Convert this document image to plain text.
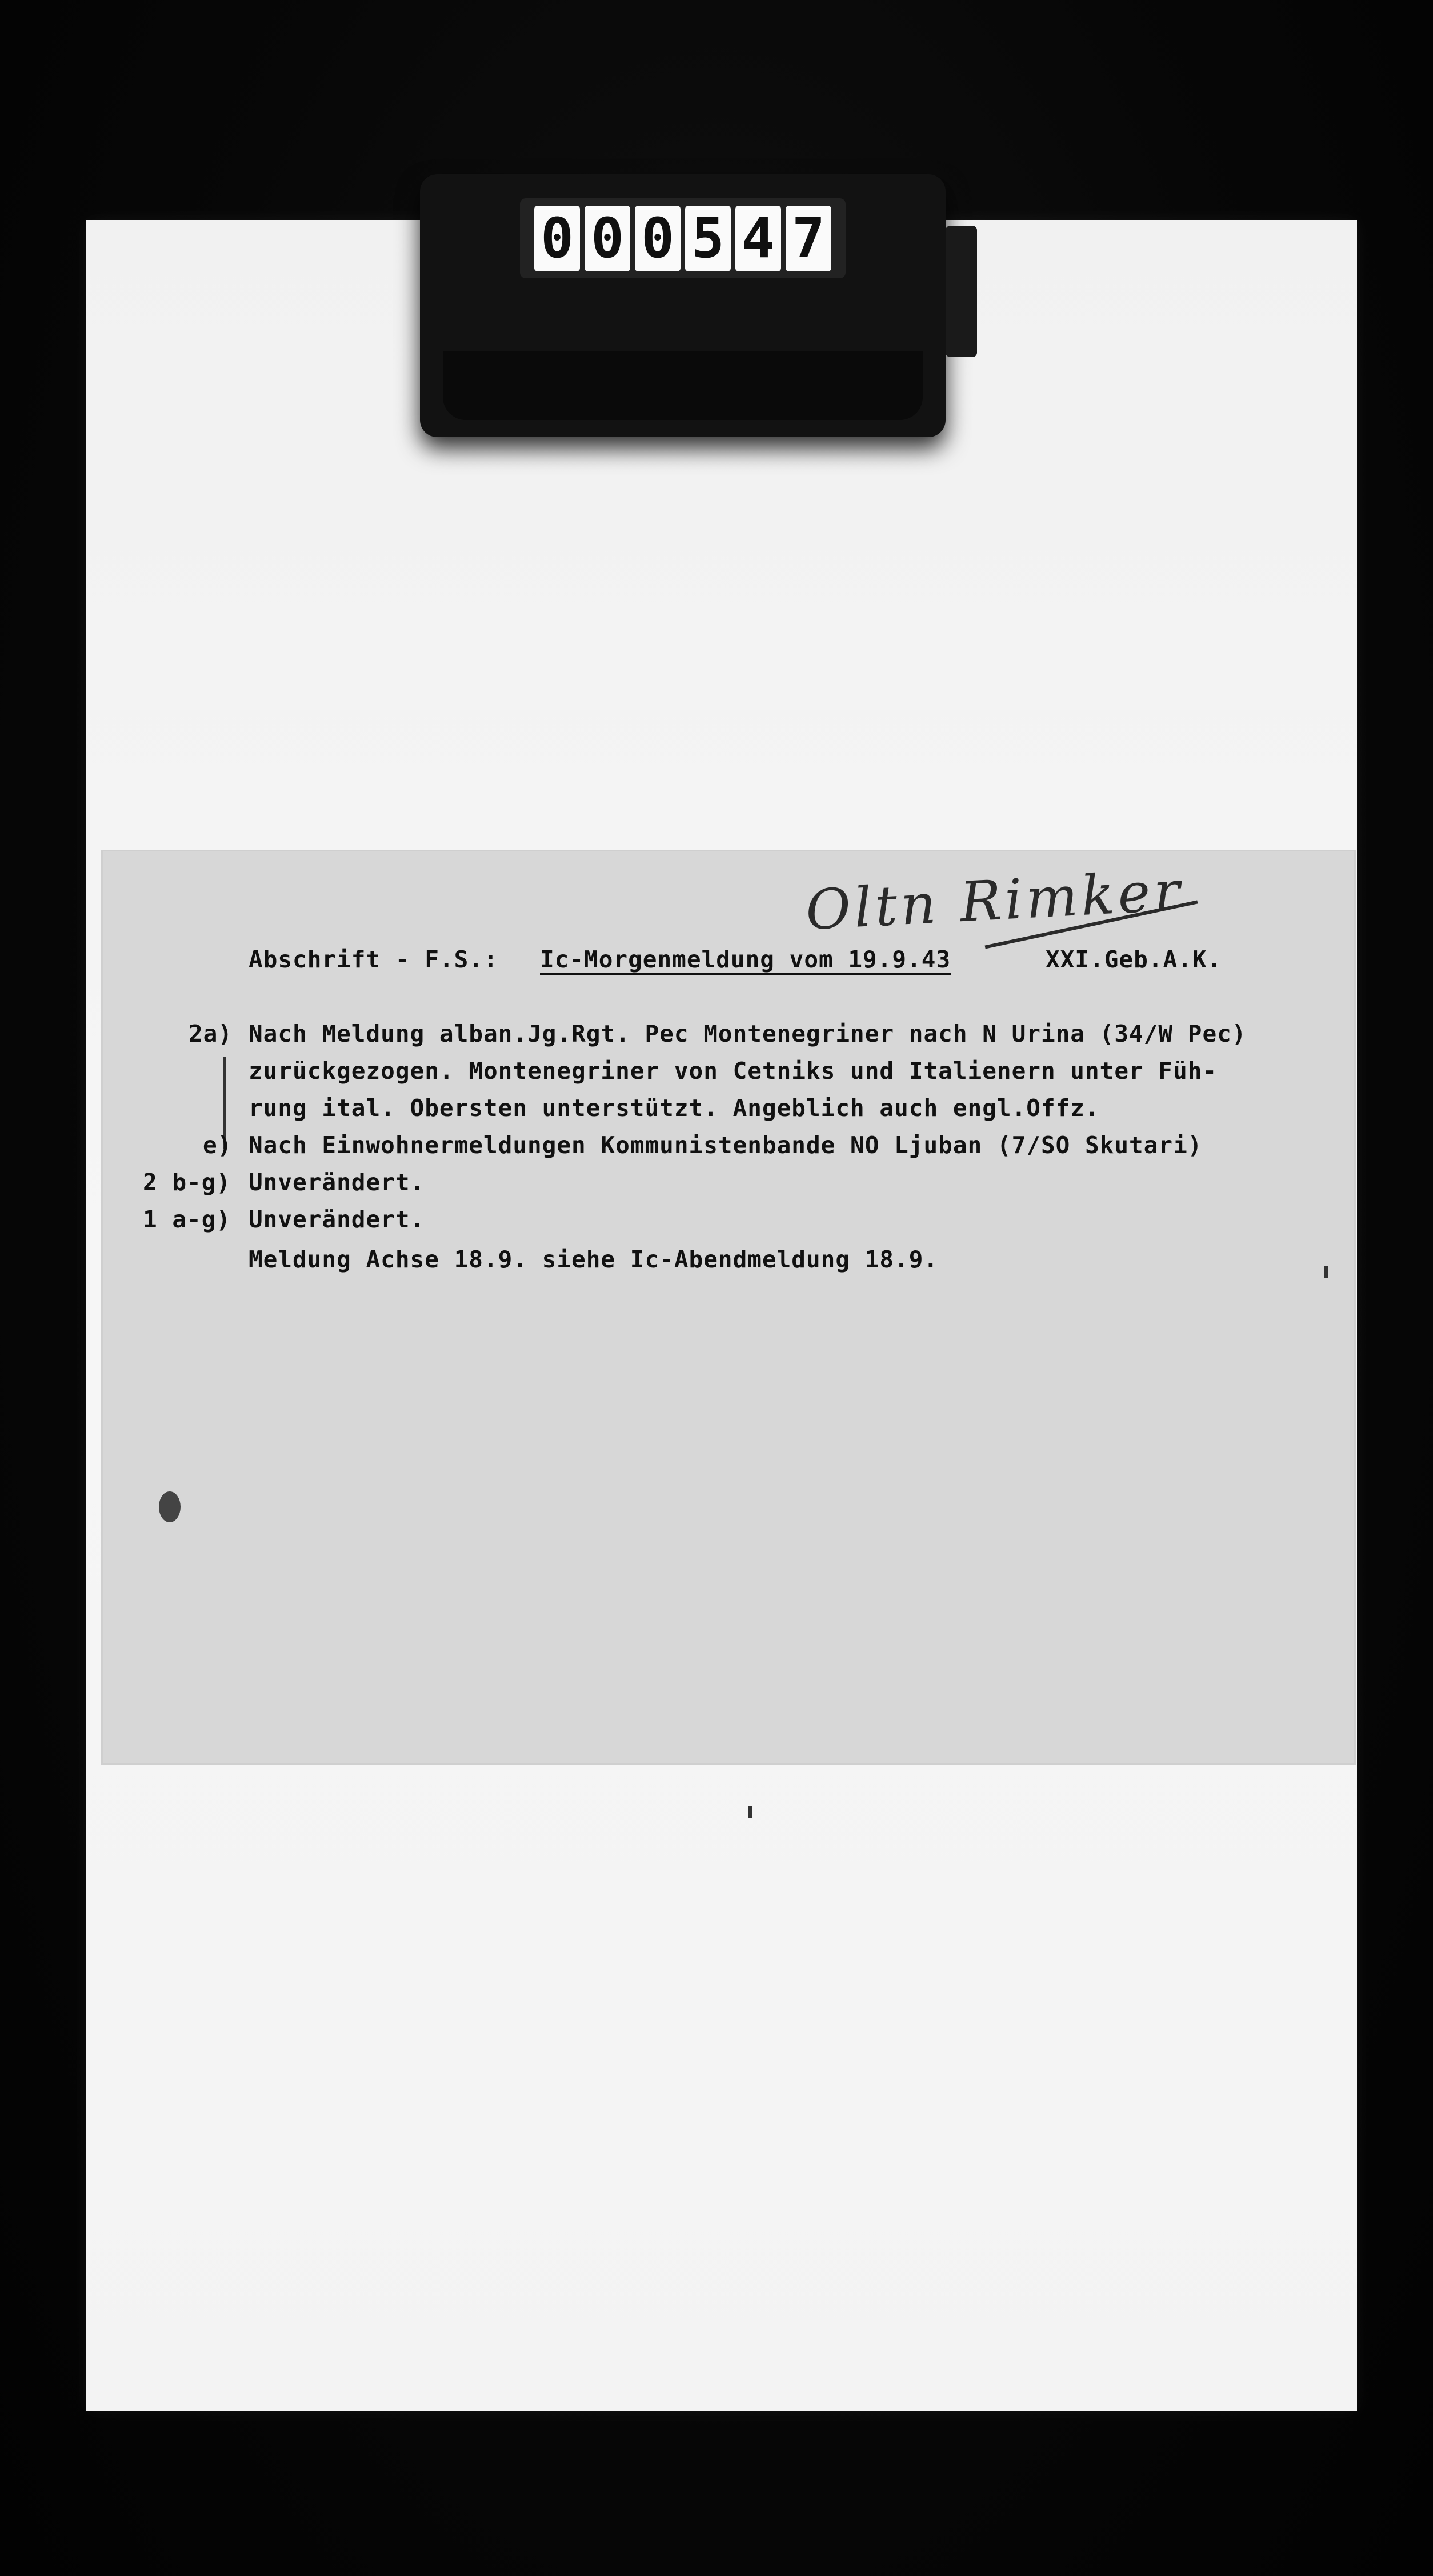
0 0 0 5 4 7
Oltn Rimker
Abschrift - F.S.: Ic-Morgenmeldung vom 19.9.43	XXI.Geb.A.K.
2a) Nach Meldung alban.Jg.Rgt. Pec Montenegriner nach N Urina (34/W Pec)
zurückgezogen. Montenegriner von Cetniks und Italienern unter Füh-
rung ital. Obersten unterstützt. Angeblich auch engl.Offz.
e) Nach Einwohnermeldungen Kommunistenbande NO Ljuban (7/SO Skutari)
2 b-g) Unverändert.
1 a-g) Unverändert.
Meldung Achse 18.9. siehe Ic-Abendmeldung 18.9.
